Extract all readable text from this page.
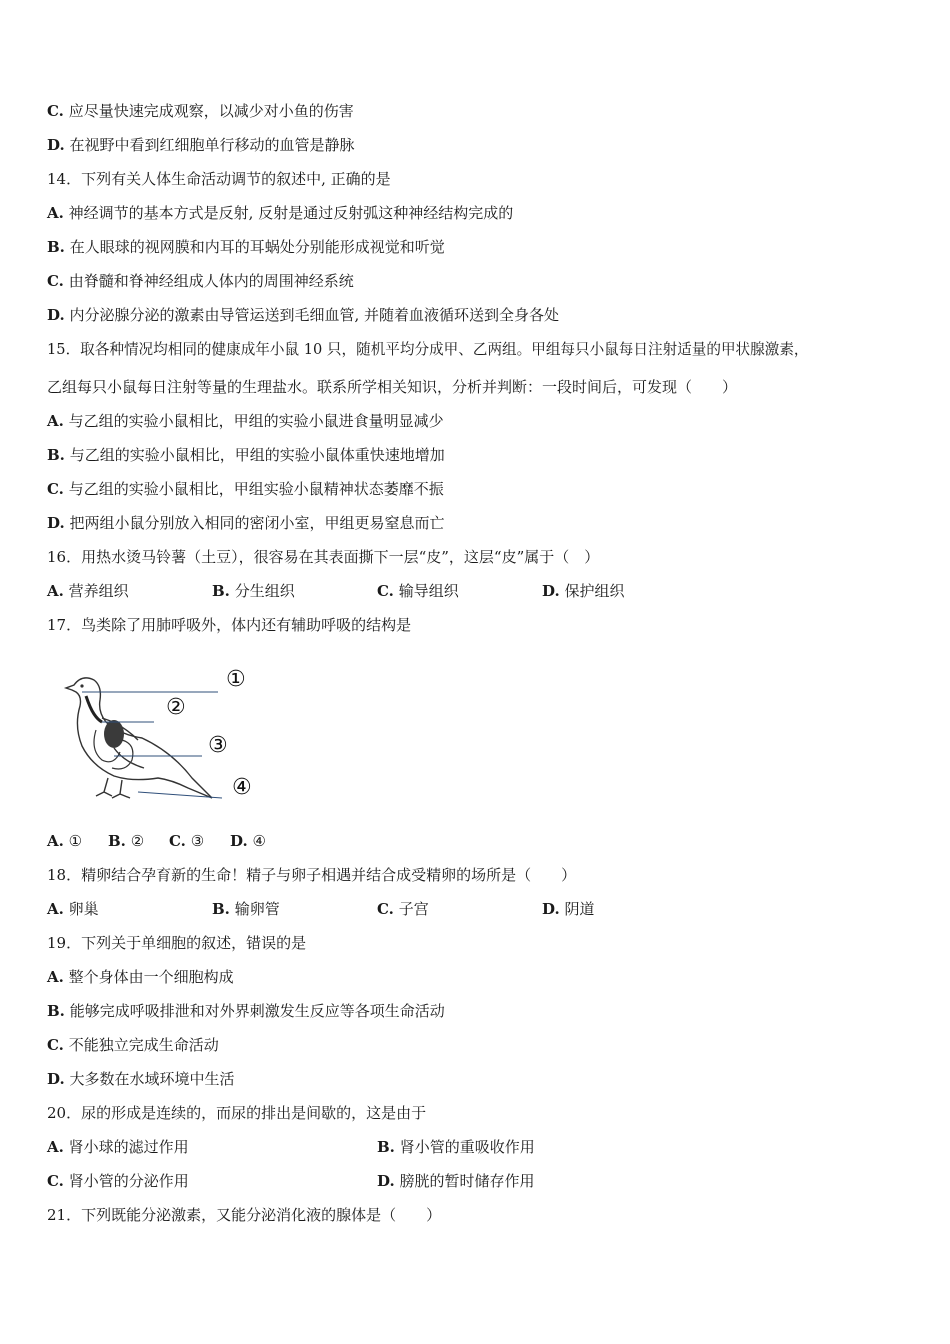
C. 应尽量快速完成观察，以减少对小鱼的伤害
D. 在视野中看到红细胞单行移动的血管是静脉
14．下列有关人体生命活动调节的叙述中, 正确的是
A. 神经调节的基本方式是反射, 反射是通过反射弧这种神经结构完成的
B. 在人眼球的视网膜和内耳的耳蜗处分别能形成视觉和听觉
C. 由脊髓和脊神经组成人体内的周围神经系统
D. 内分泌腺分泌的激素由导管运送到毛细血管, 并随着血液循环送到全身各处
15．取各种情况均相同的健康成年小鼠 10 只，随机平均分成甲、乙两组。甲组每只小鼠每日注射适量的甲状腺激素，
乙组每只小鼠每日注射等量的生理盐水。联系所学相关知识，分析并判断：一段时间后，可发现（　　）
A. 与乙组的实验小鼠相比，甲组的实验小鼠进食量明显减少
B. 与乙组的实验小鼠相比，甲组的实验小鼠体重快速地增加
C. 与乙组的实验小鼠相比，甲组实验小鼠精神状态萎靡不振
D. 把两组小鼠分别放入相同的密闭小室，甲组更易窒息而亡
16．用热水烫马铃薯（土豆），很容易在其表面撕下一层“皮”，这层“皮”属于（　）
A. 营养组织	B. 分生组织	C. 输导组织	D. 保护组织
17．鸟类除了用肺呼吸外，体内还有辅助呼吸的结构是
①
②
③
④
A. ① B. ② C. ③ D. ④
18．精卵结合孕育新的生命！精子与卵子相遇并结合成受精卵的场所是（　　）
A. 卵巢	B. 输卵管	C. 子宫	D. 阴道
19．下列关于单细胞的叙述，错误的是
A. 整个身体由一个细胞构成
B. 能够完成呼吸排泄和对外界刺激发生反应等各项生命活动
C. 不能独立完成生命活动
D. 大多数在水域环境中生活
20．尿的形成是连续的，而尿的排出是间歇的，这是由于
A. 肾小球的滤过作用	B. 肾小管的重吸收作用
C. 肾小管的分泌作用	D. 膀胱的暂时储存作用
21．下列既能分泌激素，又能分泌消化液的腺体是（　　）
